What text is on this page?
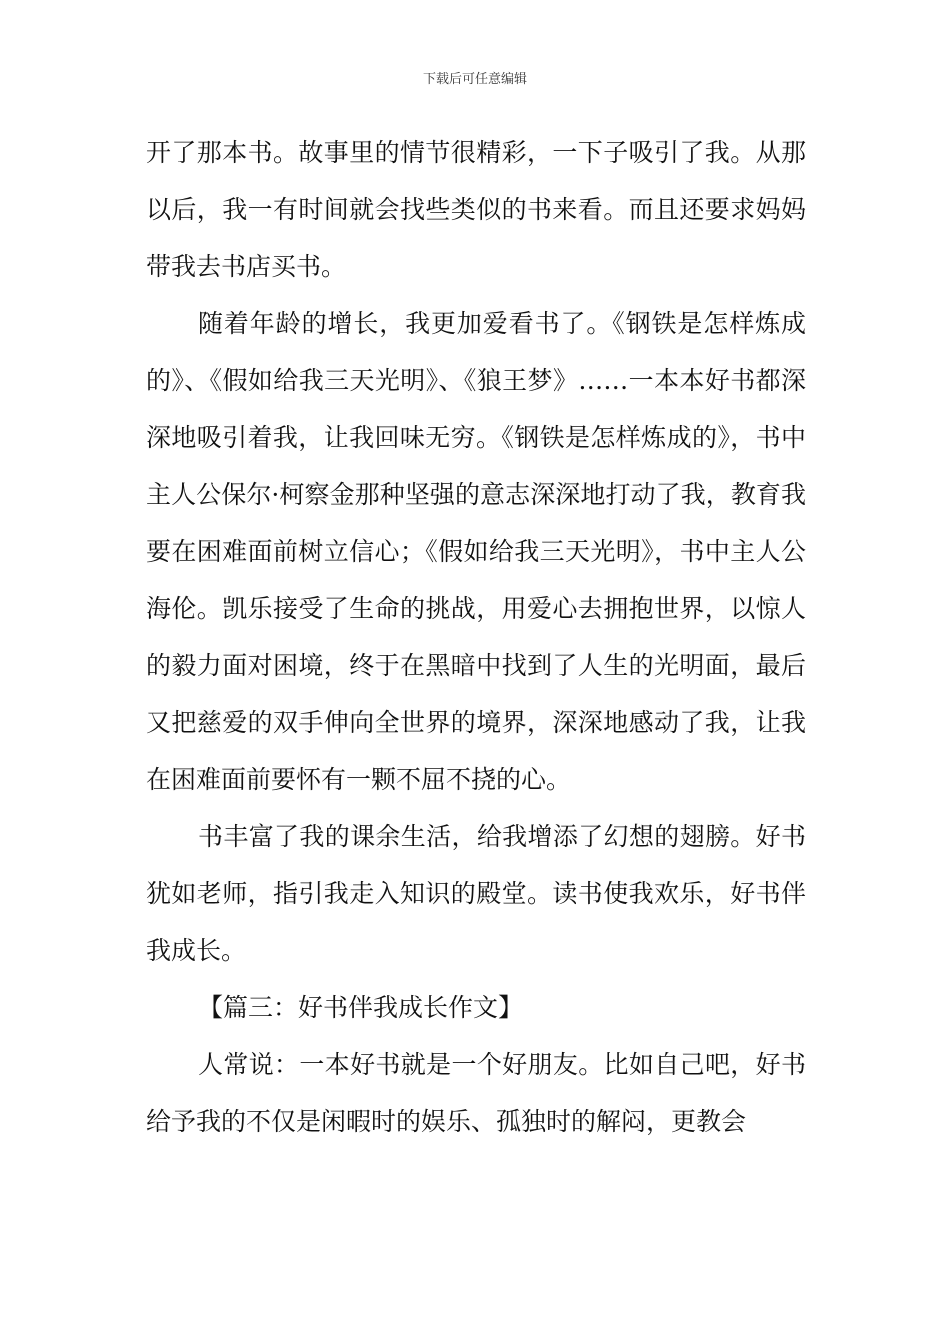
下载后可任意编辑

开了那本书。故事里的情节很精彩，一下子吸引了我。从那以后，我一有时间就会找些类似的书来看。而且还要求妈妈带我去书店买书。

随着年龄的增长，我更加爱看书了。《钢铁是怎样炼成的》、《假如给我三天光明》、《狼王梦》……一本本好书都深深地吸引着我，让我回味无穷。《钢铁是怎样炼成的》，书中主人公保尔·柯察金那种坚强的意志深深地打动了我，教育我要在困难面前树立信心；《假如给我三天光明》，书中主人公海伦。凯乐接受了生命的挑战，用爱心去拥抱世界，以惊人的毅力面对困境，终于在黑暗中找到了人生的光明面，最后又把慈爱的双手伸向全世界的境界，深深地感动了我，让我在困难面前要怀有一颗不屈不挠的心。

书丰富了我的课余生活，给我增添了幻想的翅膀。好书犹如老师，指引我走入知识的殿堂。读书使我欢乐，好书伴我成长。

【篇三：好书伴我成长作文】

人常说：一本好书就是一个好朋友。比如自己吧，好书给予我的不仅是闲暇时的娱乐、孤独时的解闷，更教会
